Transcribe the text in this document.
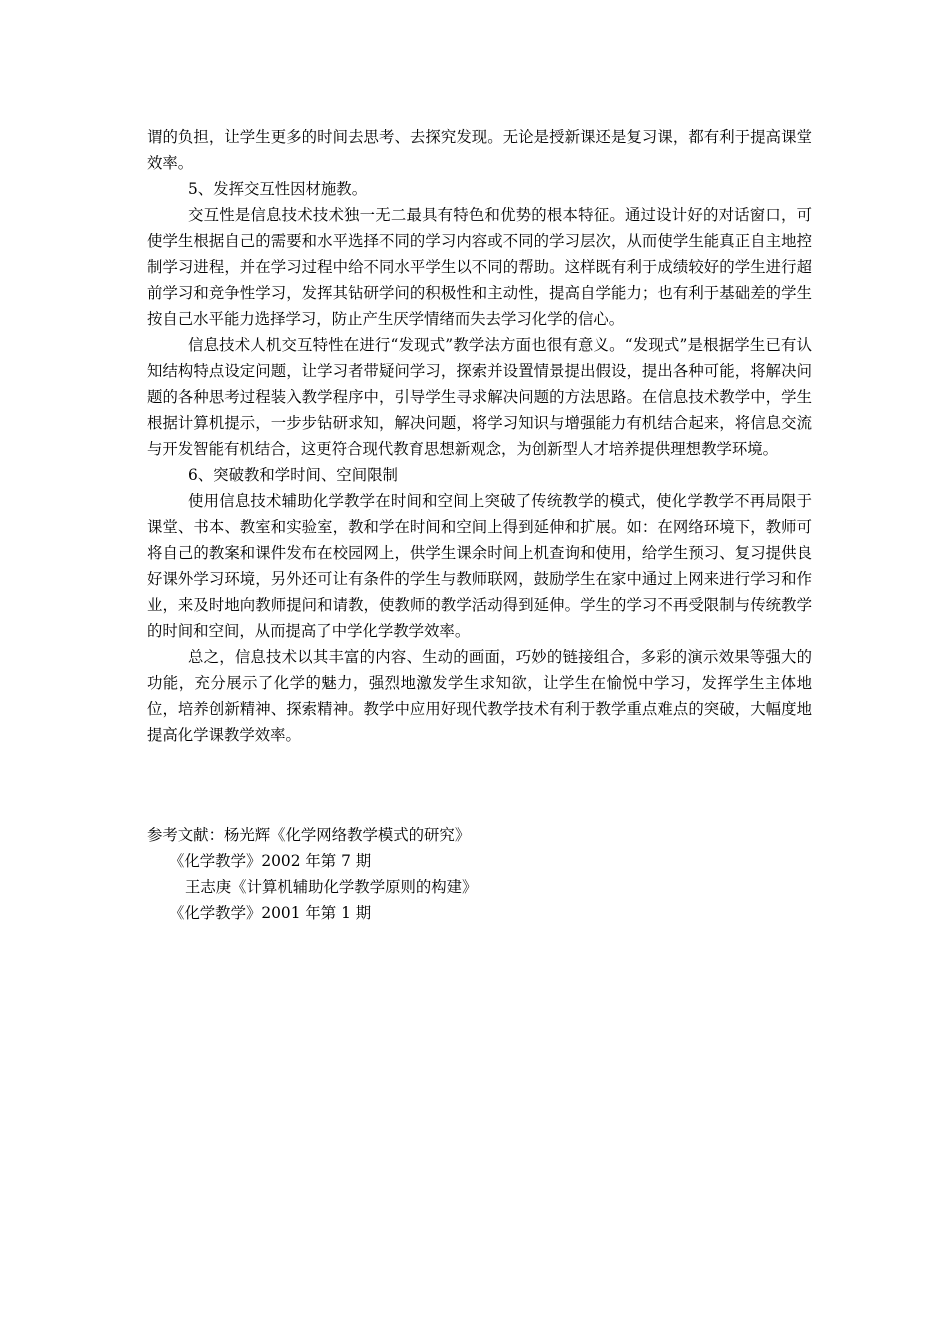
谓的负担，让学生更多的时间去思考、去探究发现。无论是授新课还是复习课，都有利于提高课堂效率。

5、发挥交互性因材施教。

交互性是信息技术技术独一无二最具有特色和优势的根本特征。通过设计好的对话窗口，可使学生根据自己的需要和水平选择不同的学习内容或不同的学习层次，从而使学生能真正自主地控制学习进程，并在学习过程中给不同水平学生以不同的帮助。这样既有利于成绩较好的学生进行超前学习和竞争性学习，发挥其钻研学问的积极性和主动性，提高自学能力；也有利于基础差的学生按自己水平能力选择学习，防止产生厌学情绪而失去学习化学的信心。

信息技术人机交互特性在进行“发现式”教学法方面也很有意义。“发现式”是根据学生已有认知结构特点设定问题，让学习者带疑问学习，探索并设置情景提出假设，提出各种可能，将解决问题的各种思考过程装入教学程序中，引导学生寻求解决问题的方法思路。在信息技术教学中，学生根据计算机提示，一步步钻研求知，解决问题，将学习知识与增强能力有机结合起来，将信息交流与开发智能有机结合，这更符合现代教育思想新观念，为创新型人才培养提供理想教学环境。

6、突破教和学时间、空间限制

使用信息技术辅助化学教学在时间和空间上突破了传统教学的模式，使化学教学不再局限于课堂、书本、教室和实验室，教和学在时间和空间上得到延伸和扩展。如：在网络环境下，教师可将自己的教案和课件发布在校园网上，供学生课余时间上机查询和使用，给学生预习、复习提供良好课外学习环境，另外还可让有条件的学生与教师联网，鼓励学生在家中通过上网来进行学习和作业，来及时地向教师提问和请教，使教师的教学活动得到延伸。学生的学习不再受限制与传统教学的时间和空间，从而提高了中学化学教学效率。

总之，信息技术以其丰富的内容、生动的画面，巧妙的链接组合，多彩的演示效果等强大的功能，充分展示了化学的魅力，强烈地激发学生求知欲，让学生在愉悦中学习，发挥学生主体地位，培养创新精神、探索精神。教学中应用好现代教学技术有利于教学重点难点的突破，大幅度地提高化学课教学效率。

参考文献：杨光辉《化学网络教学模式的研究》

《化学教学》2002 年第 7 期

王志庚《计算机辅助化学教学原则的构建》

《化学教学》2001 年第 1 期
